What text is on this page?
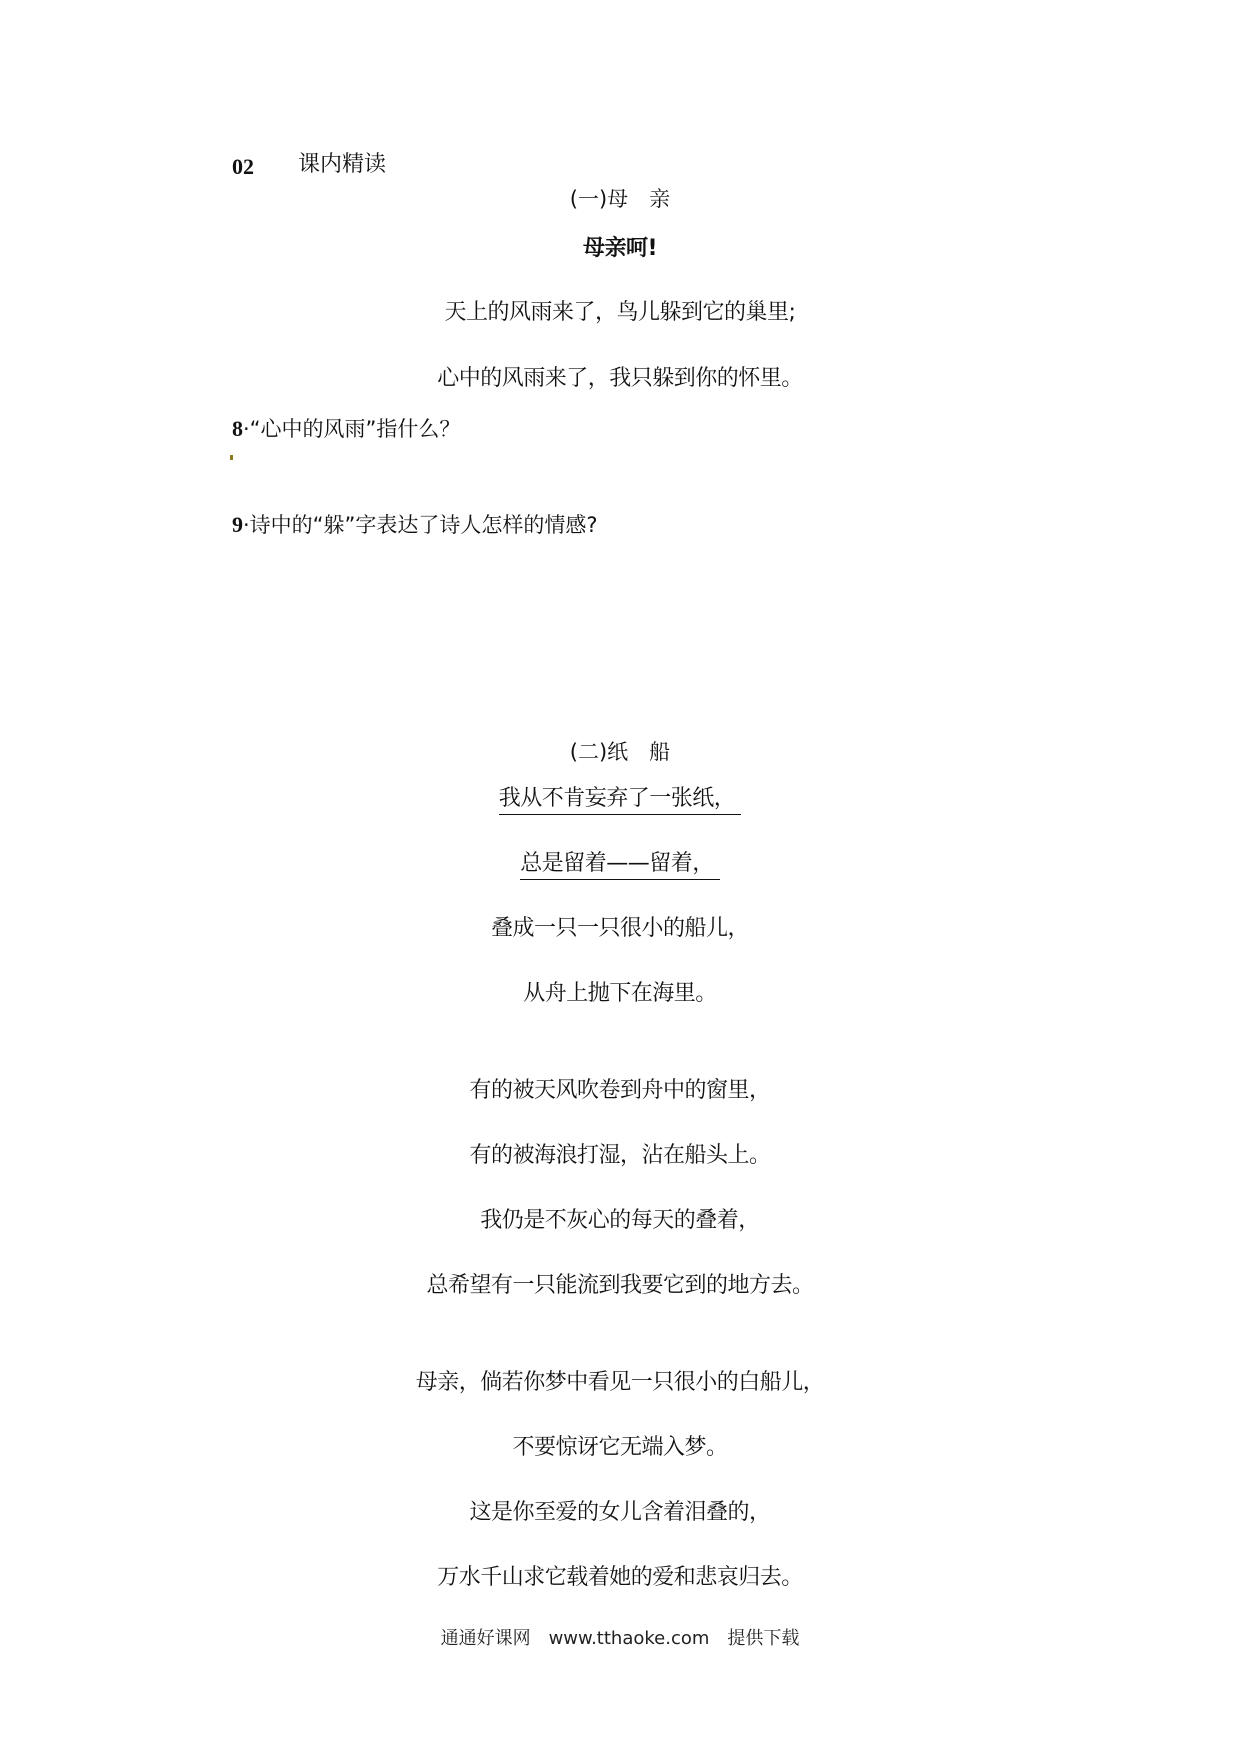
02 课内精读
(一)母　亲
母亲呵!
天上的风雨来了，鸟儿躲到它的巢里;
心中的风雨来了，我只躲到你的怀里。
8·“心中的风雨”指什么？
9·诗中的“躲”字表达了诗人怎样的情感?
(二)纸　船
我从不肯妄弃了一张纸，
总是留着——留着，
叠成一只一只很小的船儿，
从舟上抛下在海里。
有的被天风吹卷到舟中的窗里，
有的被海浪打湿，沾在船头上。
我仍是不灰心的每天的叠着，
总希望有一只能流到我要它到的地方去。
母亲，倘若你梦中看见一只很小的白船儿，
不要惊讶它无端入梦。
这是你至爱的女儿含着泪叠的，
万水千山求它载着她的爱和悲哀归去。
通通好课网　www.tthaoke.com　提供下载
